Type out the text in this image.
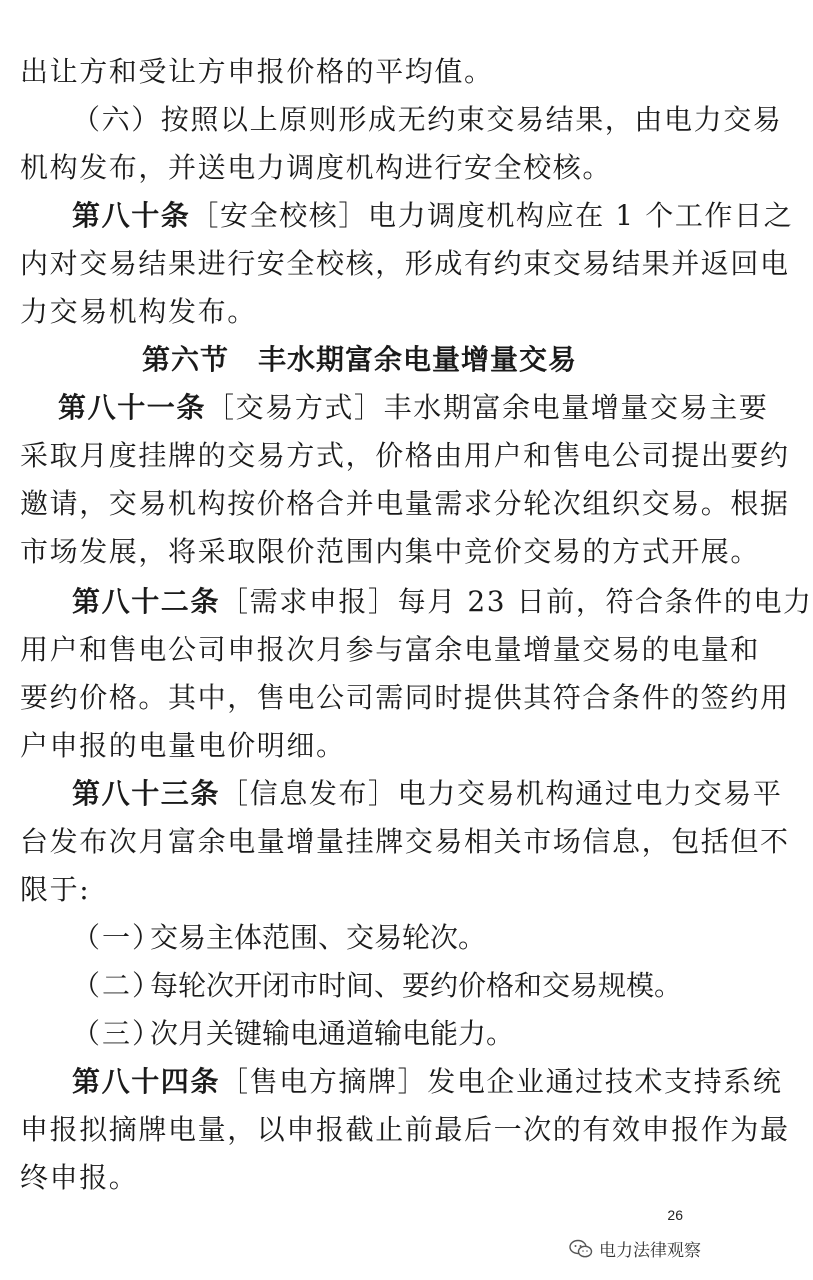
出让方和受让方申报价格的平均值。
（六）按照以上原则形成无约束交易结果，由电力交易
机构发布，并送电力调度机构进行安全校核。
第八十条［安全校核］电力调度机构应在 1 个工作日之
内对交易结果进行安全校核，形成有约束交易结果并返回电
力交易机构发布。
第六节　丰水期富余电量增量交易
第八十一条［交易方式］丰水期富余电量增量交易主要
采取月度挂牌的交易方式，价格由用户和售电公司提出要约
邀请，交易机构按价格合并电量需求分轮次组织交易。根据
市场发展，将采取限价范围内集中竞价交易的方式开展。
第八十二条［需求申报］每月 23 日前，符合条件的电力
用户和售电公司申报次月参与富余电量增量交易的电量和
要约价格。其中，售电公司需同时提供其符合条件的签约用
户申报的电量电价明细。
第八十三条［信息发布］电力交易机构通过电力交易平
台发布次月富余电量增量挂牌交易相关市场信息，包括但不
限于:
（一）交易主体范围、交易轮次。
（二）每轮次开闭市时间、要约价格和交易规模。
（三）次月关键输电通道输电能力。
第八十四条［售电方摘牌］发电企业通过技术支持系统
申报拟摘牌电量，以申报截止前最后一次的有效申报作为最
终申报。
26
电力法律观察
